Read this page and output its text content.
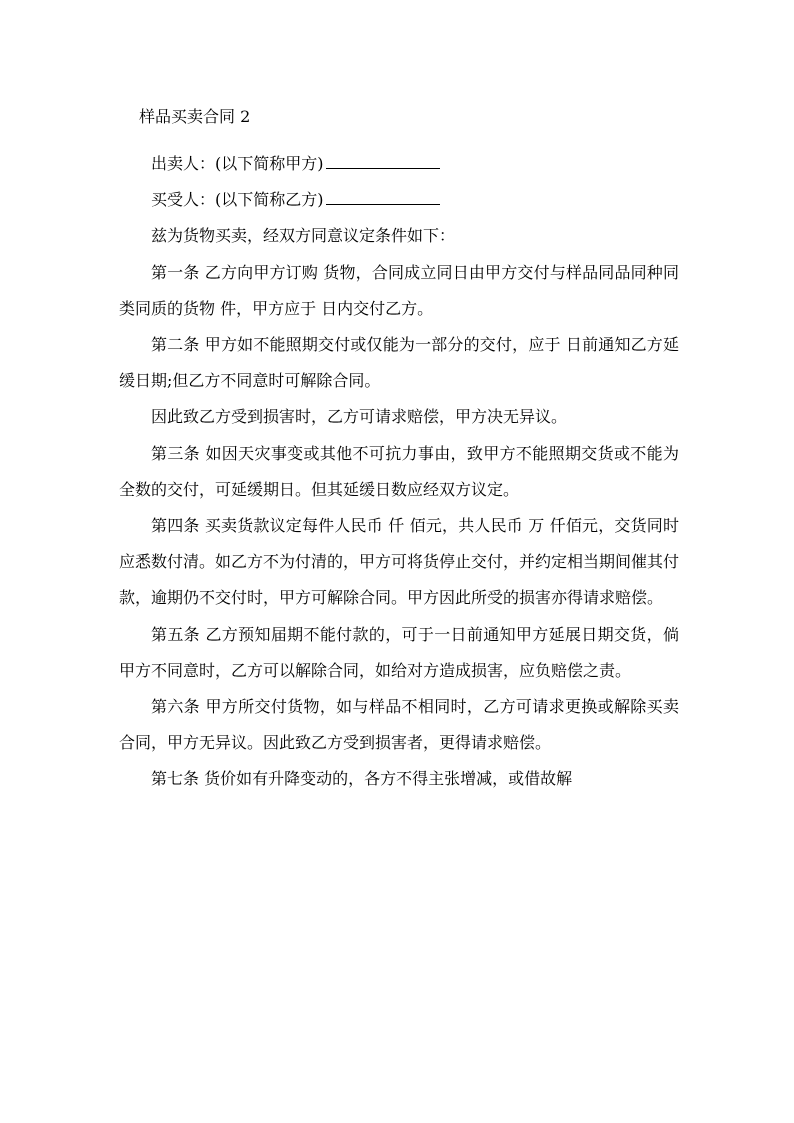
样品买卖合同 2

出卖人：(以下简称甲方)

买受人：(以下简称乙方)

兹为货物买卖，经双方同意议定条件如下：

第一条 乙方向甲方订购 货物，合同成立同日由甲方交付与样品同品同种同类同质的货物 件，甲方应于 日内交付乙方。

第二条 甲方如不能照期交付或仅能为一部分的交付，应于 日前通知乙方延缓日期;但乙方不同意时可解除合同。

因此致乙方受到损害时，乙方可请求赔偿，甲方决无异议。

第三条 如因天灾事变或其他不可抗力事由，致甲方不能照期交货或不能为全数的交付，可延缓期日。但其延缓日数应经双方议定。

第四条 买卖货款议定每件人民币 仟 佰元，共人民币 万 仟佰元，交货同时应悉数付清。如乙方不为付清的，甲方可将货停止交付，并约定相当期间催其付款，逾期仍不交付时，甲方可解除合同。甲方因此所受的损害亦得请求赔偿。

第五条 乙方预知届期不能付款的，可于一日前通知甲方延展日期交货，倘甲方不同意时，乙方可以解除合同，如给对方造成损害，应负赔偿之责。

第六条 甲方所交付货物，如与样品不相同时，乙方可请求更换或解除买卖合同，甲方无异议。因此致乙方受到损害者，更得请求赔偿。

第七条 货价如有升降变动的，各方不得主张增减，或借故解
